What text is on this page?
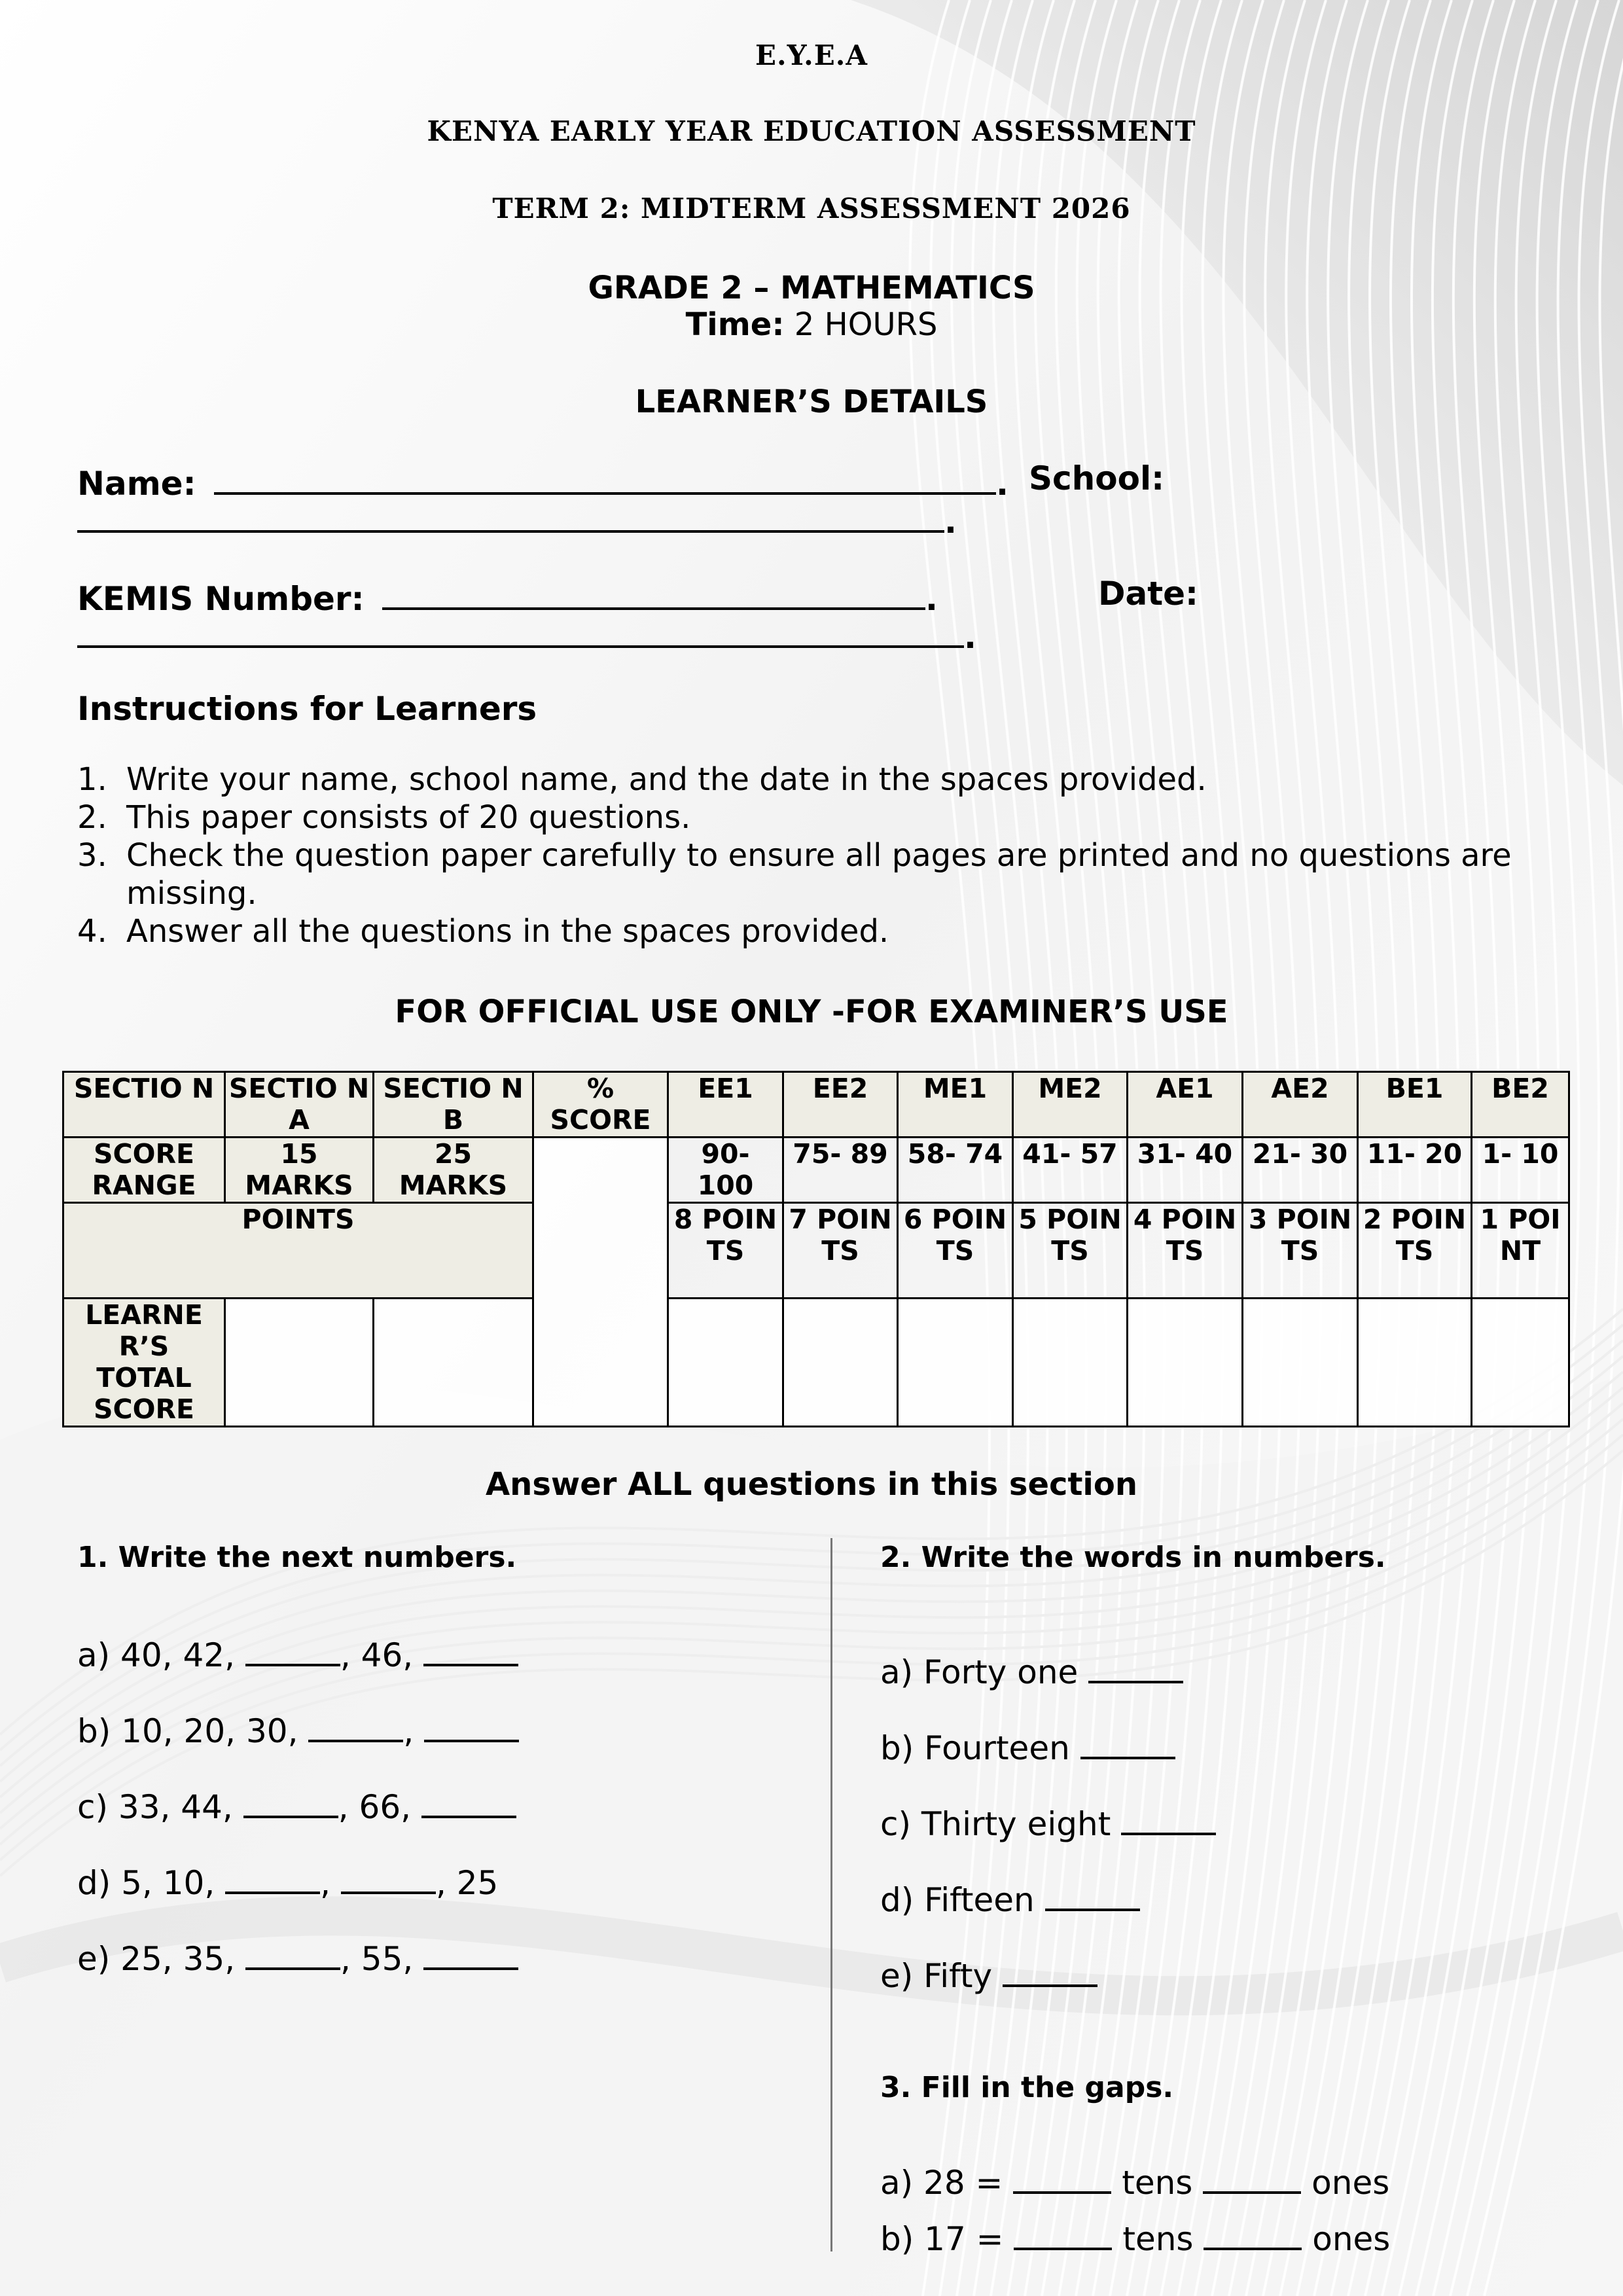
E.Y.E.A
KENYA EARLY YEAR EDUCATION ASSESSMENT
TERM 2: MIDTERM ASSESSMENT 2026
GRADE 2 – MATHEMATICS
Time: 2 HOURS
LEARNER’S DETAILS
Name:	. School:
.
KEMIS Number:	.	Date:
.
Instructions for Learners
1. Write your name, school name, and the date in the spaces provided.
2. This paper consists of 20 questions.
3. Check the question paper carefully to ensure all pages are printed and no questions are missing.
4. Answer all the questions in the spaces provided.
FOR OFFICIAL USE ONLY -FOR EXAMINER’S USE
SECTIO N	SECTIO N A	SECTIO N B	% SCORE	EE1	EE2	ME1	ME2	AE1	AE2	BE1	BE2
SCORE RANGE	15 MARKS	25 MARKS		90- 100	75- 89	58- 74	41- 57	31- 40	21- 30	11- 20	1- 10
POINTS				8 POIN TS	7 POIN TS	6 POIN TS	5 POIN TS	4 POIN TS	3 POIN TS	2 POIN TS	1 POI NT
LEARNE R’S TOTAL SCORE											
Answer ALL questions in this section
1. Write the next numbers.
a) 40, 42,	, 46,
b) 10, 20, 30,	,
c) 33, 44,	, 66,
d) 5, 10,	,	, 25
e) 25, 35,	, 55,
2. Write the words in numbers.
a) Forty one
b) Fourteen
c) Thirty eight
d) Fifteen
e) Fifty
3. Fill in the gaps.
a) 28 =	tens	ones
b) 17 =	tens	ones
